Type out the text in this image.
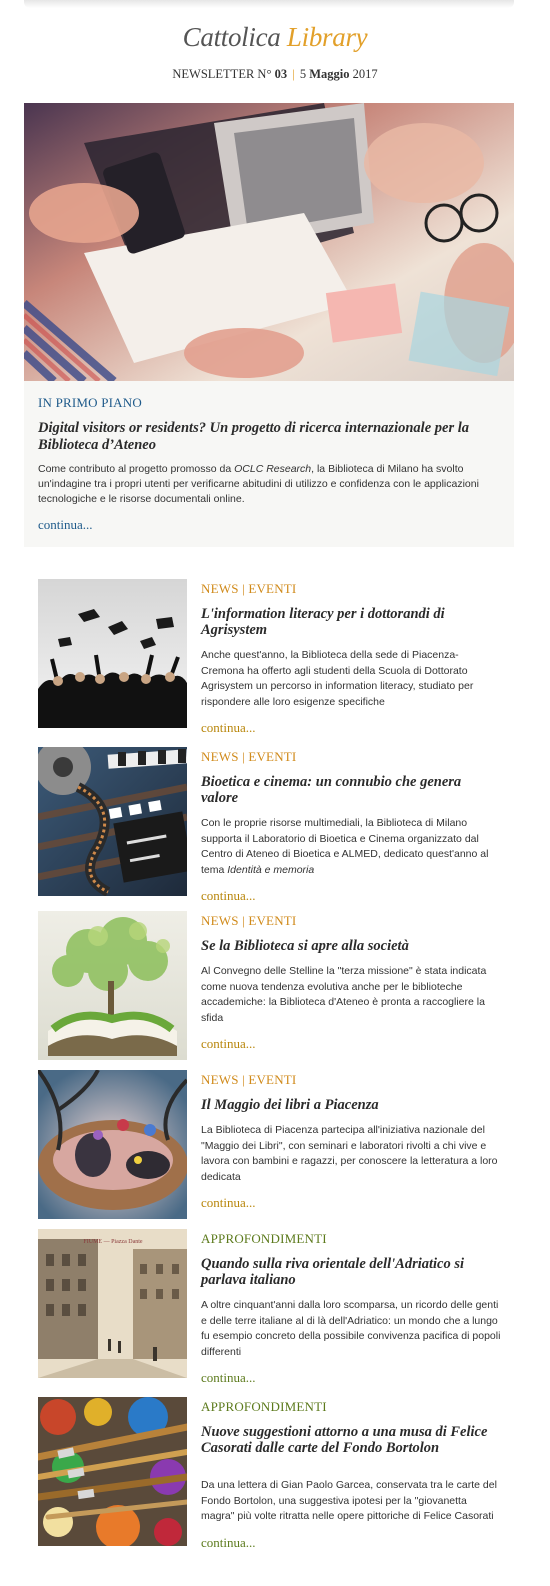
Cattolica Library
NEWSLETTER N° 03 | 5 Maggio 2017
IN PRIMO PIANO
Digital visitors or residents? Un progetto di ricerca internazionale per la Biblioteca d’Ateneo
Come contributo al progetto promosso da OCLC Research, la Biblioteca di Milano ha svolto un'indagine tra i propri utenti per verificarne abitudini di utilizzo e confidenza con le applicazioni tecnologiche e le risorse documentali online.
continua...
NEWS | EVENTI
L'information literacy per i dottorandi di Agrisystem
Anche quest'anno, la Biblioteca della sede di Piacenza-Cremona ha offerto agli studenti della Scuola di Dottorato Agrisystem un percorso in information literacy, studiato per rispondere alle loro esigenze specifiche
continua...
NEWS | EVENTI
Bioetica e cinema: un connubio che genera valore
Con le proprie risorse multimediali, la Biblioteca di Milano supporta il Laboratorio di Bioetica e Cinema organizzato dal Centro di Ateneo di Bioetica e ALMED, dedicato quest'anno al tema Identità e memoria
continua...
NEWS | EVENTI
Se la Biblioteca si apre alla società
Al Convegno delle Stelline la "terza missione" è stata indicata come nuova tendenza evolutiva anche per le biblioteche accademiche: la Biblioteca d'Ateneo è pronta a raccogliere la sfida
continua...
NEWS | EVENTI
Il Maggio dei libri a Piacenza
La Biblioteca di Piacenza partecipa all'iniziativa nazionale del "Maggio dei Libri", con seminari e laboratori rivolti a chi vive e lavora con bambini e ragazzi, per conoscere la letteratura a loro dedicata
continua...
FIUME — Piazza Dante	APPROFONDIMENTI
Quando sulla riva orientale dell'Adriatico si parlava italiano
A oltre cinquant'anni dalla loro scomparsa, un ricordo delle genti e delle terre italiane al di là dell'Adriatico: un mondo che a lungo fu esempio concreto della possibile convivenza pacifica di popoli differenti
continua...
APPROFONDIMENTI
Nuove suggestioni attorno a una musa di Felice Casorati dalle carte del Fondo Bortolon
Da una lettera di Gian Paolo Garcea, conservata tra le carte del Fondo Bortolon, una suggestiva ipotesi per la "giovanetta magra" più volte ritratta nelle opere pittoriche di Felice Casorati
continua...
